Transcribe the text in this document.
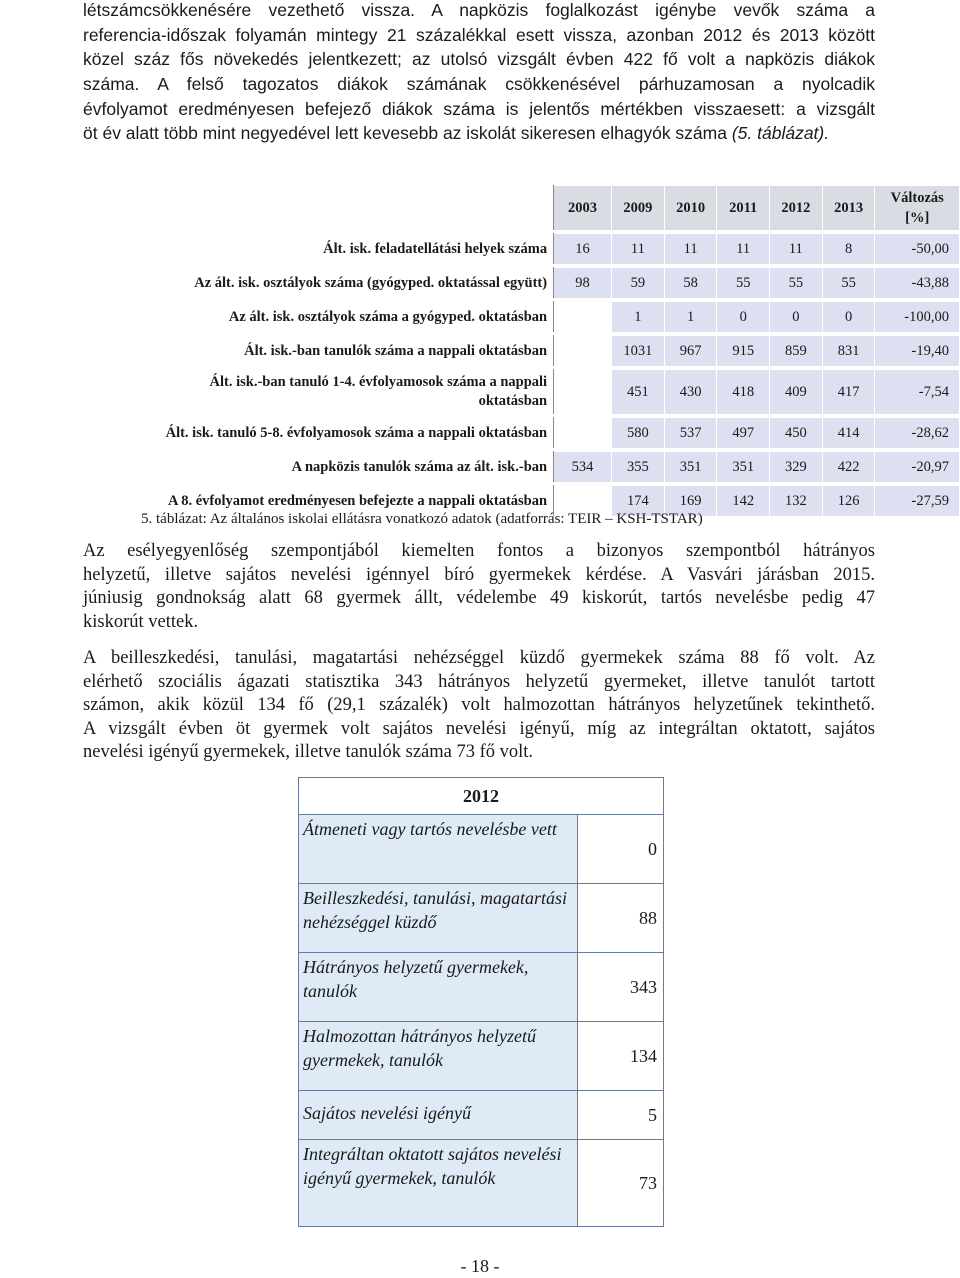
létszámcsökkenésére vezethető vissza. A napközis foglalkozást igénybe vevők száma a
referencia-időszak folyamán mintegy 21 százalékkal esett vissza, azonban 2012 és 2013 között
közel száz fős növekedés jelentkezett; az utolsó vizsgált évben 422 fő volt a napközis diákok
száma. A felső tagozatos diákok számának csökkenésével párhuzamosan a nyolcadik
évfolyamot eredményesen befejező diákok száma is jelentős mértékben visszaesett: a vizsgált
öt év alatt több mint negyedével lett kevesebb az iskolát sikeresen elhagyók száma (5. táblázat).
	2003	2009	2010	2011	2012	2013	Változás
[%]

Ált. isk. feladatellátási helyek száma	16	11	11	11	11	8	-50,00

Az ált. isk. osztályok száma (gyógyped. oktatással együtt)	98	59	58	55	55	55	-43,88

Az ált. isk. osztályok száma a gyógyped. oktatásban		1	1	0	0	0	-100,00

Ált. isk.-ban tanulók száma a nappali oktatásban		1031	967	915	859	831	-19,40

Ált. isk.-ban tanuló 1-4. évfolyamosok száma a nappali oktatásban		451	430	418	409	417	-7,54

Ált. isk. tanuló 5-8. évfolyamosok száma a nappali oktatásban		580	537	497	450	414	-28,62

A napközis tanulók száma az ált. isk.-ban	534	355	351	351	329	422	-20,97

A 8. évfolyamot eredményesen befejezte a nappali oktatásban		174	169	142	132	126	-27,59
5. táblázat: Az általános iskolai ellátásra vonatkozó adatok (adatforrás: TEIR – KSH-TSTAR)
Az esélyegyenlőség szempontjából kiemelten fontos a bizonyos szempontból hátrányos
helyzetű, illetve sajátos nevelési igénnyel bíró gyermekek kérdése. A Vasvári járásban 2015.
júniusig gondnokság alatt 68 gyermek állt, védelembe 49 kiskorút, tartós nevelésbe pedig 47
kiskorút vettek.
A beilleszkedési, tanulási, magatartási nehézséggel küzdő gyermekek száma 88 fő volt. Az
elérhető szociális ágazati statisztika 343 hátrányos helyzetű gyermeket, illetve tanulót tartott
számon, akik közül 134 fő (29,1 százalék) volt halmozottan hátrányos helyzetűnek tekinthető.
A vizsgált évben öt gyermek volt sajátos nevelési igényű, míg az integráltan oktatott, sajátos
nevelési igényű gyermekek, illetve tanulók száma 73 fő volt.
2012	
Átmeneti vagy tartós nevelésbe vett	0
Beilleszkedési, tanulási, magatartási nehézséggel küzdő	88
Hátrányos helyzetű gyermekek, tanulók	343
Halmozottan hátrányos helyzetű gyermekek, tanulók	134
Sajátos nevelési igényű	5
Integráltan oktatott sajátos nevelési igényű gyermekek, tanulók	73
- 18 -
